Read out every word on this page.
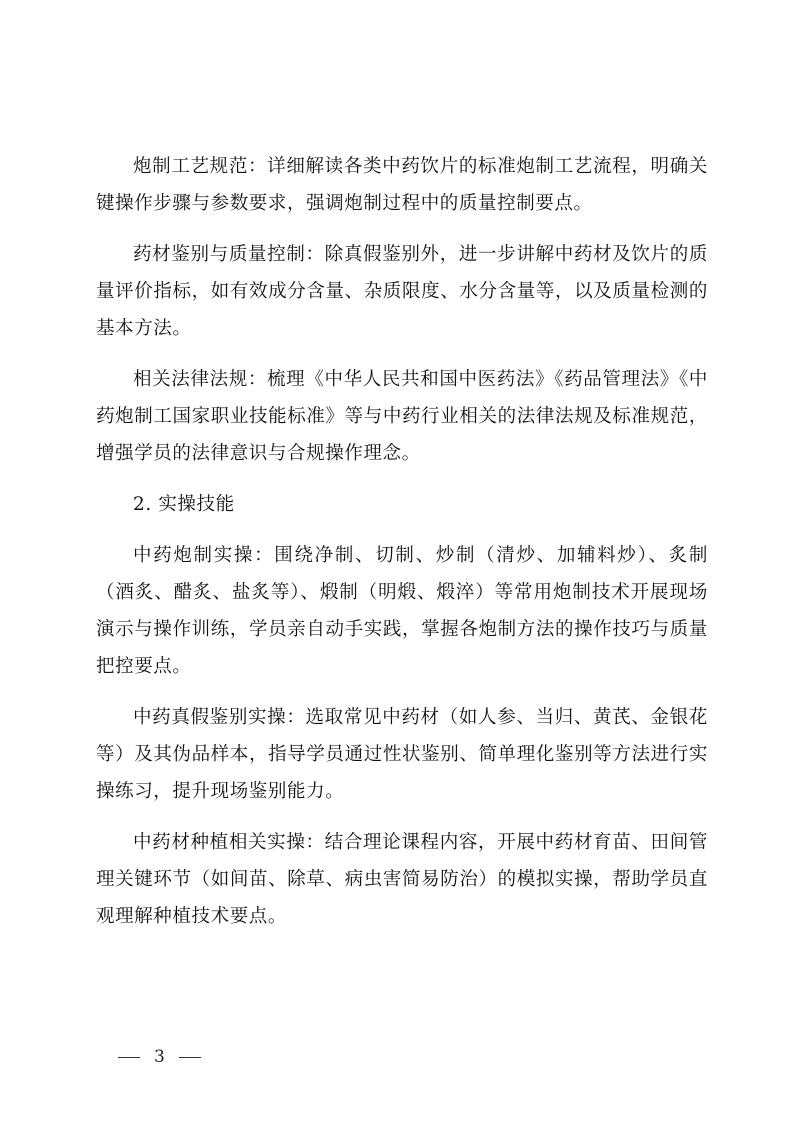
炮制工艺规范：详细解读各类中药饮片的标准炮制工艺流程，明确关键操作步骤与参数要求，强调炮制过程中的质量控制要点。

药材鉴别与质量控制：除真假鉴别外，进一步讲解中药材及饮片的质量评价指标，如有效成分含量、杂质限度、水分含量等，以及质量检测的基本方法。

相关法律法规：梳理《中华人民共和国中医药法》《药品管理法》《中药炮制工国家职业技能标准》等与中药行业相关的法律法规及标准规范，增强学员的法律意识与合规操作理念。

2. 实操技能

中药炮制实操：围绕净制、切制、炒制（清炒、加辅料炒）、炙制（酒炙、醋炙、盐炙等）、煅制（明煅、煅淬）等常用炮制技术开展现场演示与操作训练，学员亲自动手实践，掌握各炮制方法的操作技巧与质量把控要点。

中药真假鉴别实操：选取常见中药材（如人参、当归、黄芪、金银花等）及其伪品样本，指导学员通过性状鉴别、简单理化鉴别等方法进行实操练习，提升现场鉴别能力。

中药材种植相关实操：结合理论课程内容，开展中药材育苗、田间管理关键环节（如间苗、除草、病虫害简易防治）的模拟实操，帮助学员直观理解种植技术要点。

3
